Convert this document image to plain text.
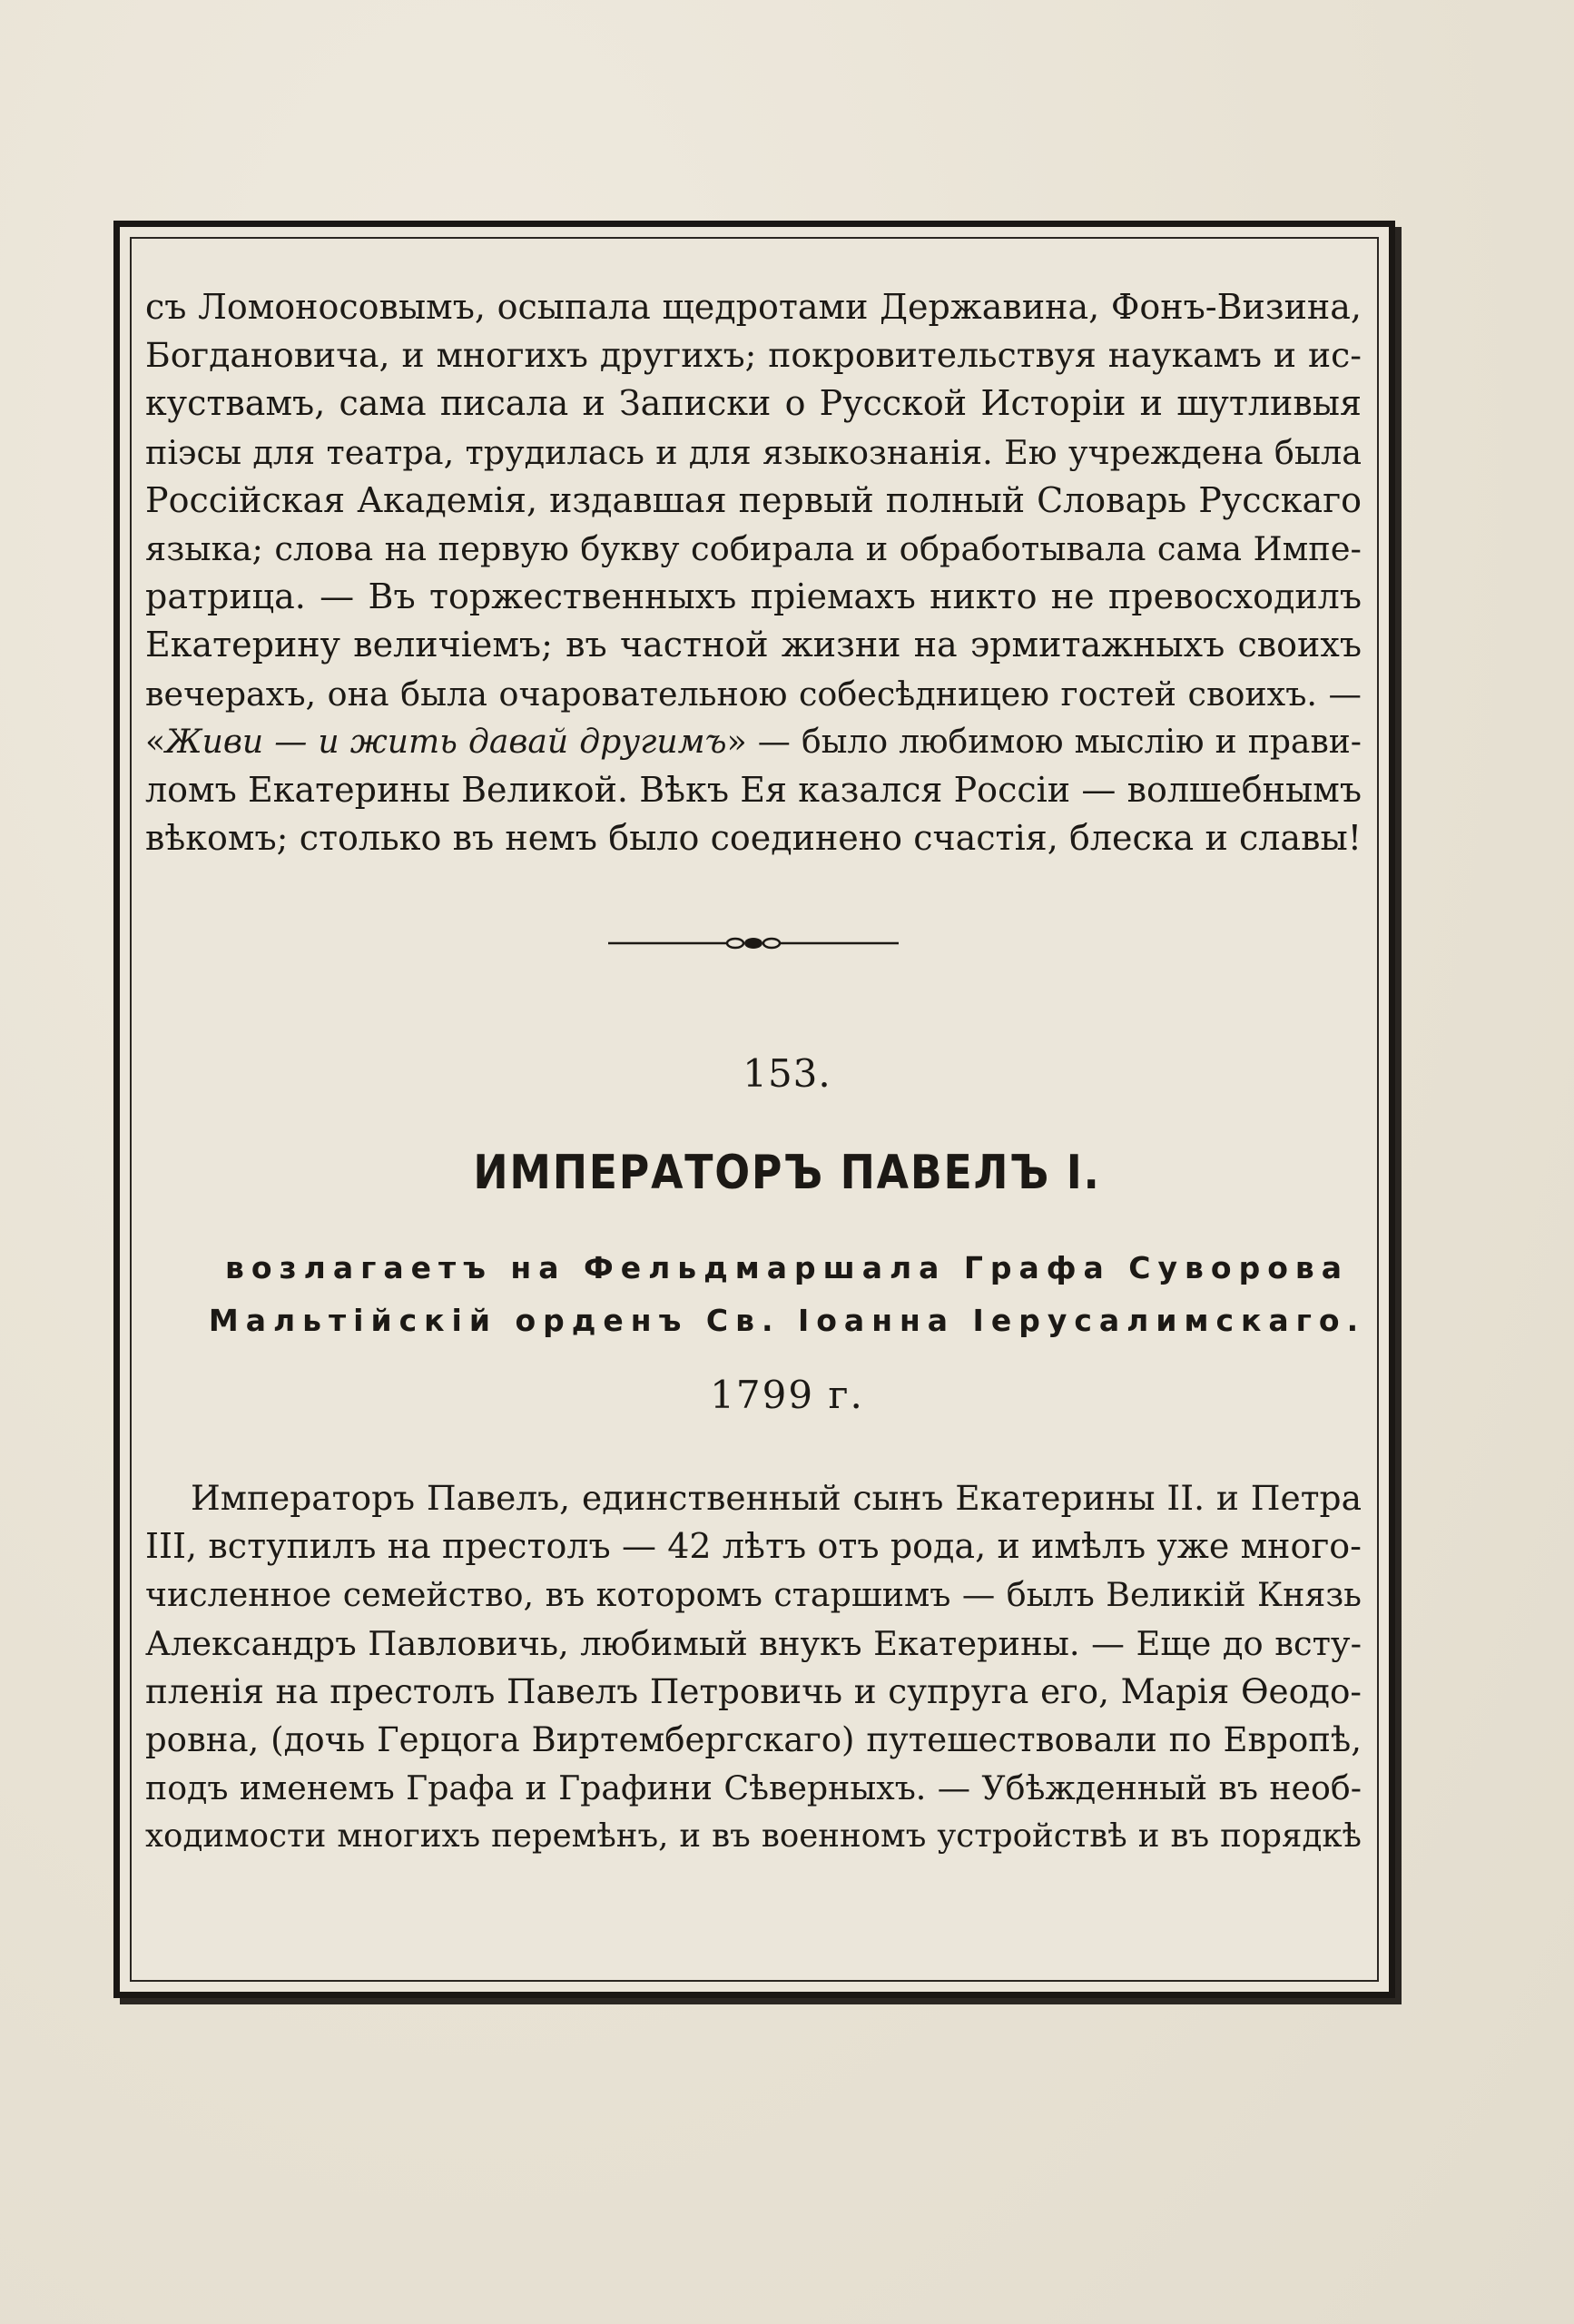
съ Ломоносовымъ, осыпала щедротами Державина, Фонъ-Визина,
Богдановича, и многихъ другихъ; покровительствуя наукамъ и ис-
куствамъ, сама писала и Записки о Русской Исторіи и шутливыя
піэсы для театра, трудилась и для языкознанія. Ею учреждена была
Россійская Академія, издавшая первый полный Словарь Русскаго
языка; слова на первую букву собирала и обработывала сама Импе-
ратрица. — Въ торжественныхъ пріемахъ никто не превосходилъ
Екатерину величіемъ; въ частной жизни на эрмитажныхъ своихъ
вечерахъ, она была очаровательною собесѣдницею гостей своихъ. —
«Живи — и жить давай другимъ» — было любимою мыслію и прави-
ломъ Екатерины Великой. Вѣкъ Ея казался Россіи — волшебнымъ
вѣкомъ; столько въ немъ было соединено счастія, блеска и славы!
153.
ИМПЕРАТОРЪ ПАВЕЛЪ I.
возлагаетъ на Фельдмаршала Графа Суворова
Мальтійскій орденъ Св. Іоанна Іерусалимскаго.
1799 г.
Императоръ Павелъ, единственный сынъ Екатерины II. и Петра
III, вступилъ на престолъ — 42 лѣтъ отъ рода, и имѣлъ уже много-
численное семейство, въ которомъ старшимъ — былъ Великій Князь
Александръ Павловичь, любимый внукъ Екатерины. — Еще до всту-
пленія на престолъ Павелъ Петровичь и супруга его, Марія Өеодо-
ровна, (дочь Герцога Виртембергскаго) путешествовали по Европѣ,
подъ именемъ Графа и Графини Сѣверныхъ. — Убѣжденный въ необ-
ходимости многихъ перемѣнъ, и въ военномъ устройствѣ и въ порядкѣ
